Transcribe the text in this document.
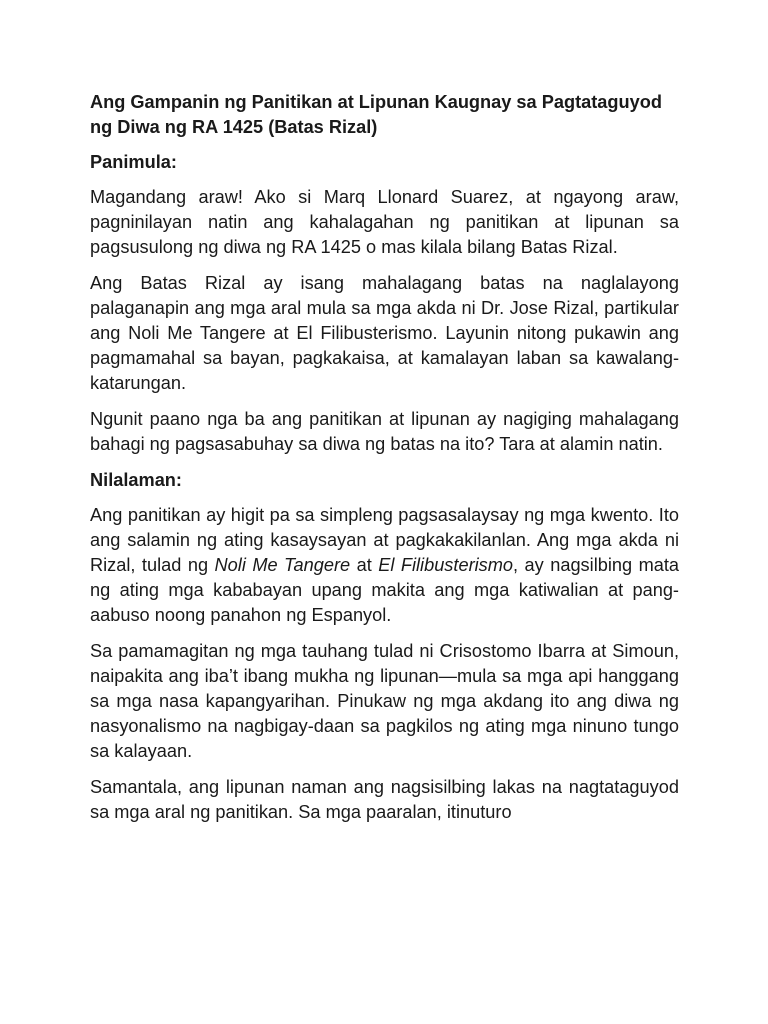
Ang Gampanin ng Panitikan at Lipunan Kaugnay sa Pagtataguyod ng Diwa ng RA 1425 (Batas Rizal)
Panimula:

Magandang araw! Ako si Marq Llonard Suarez, at ngayong araw, pagninilayan natin ang kahalagahan ng panitikan at lipunan sa pagsusulong ng diwa ng RA 1425 o mas kilala bilang Batas Rizal.

Ang Batas Rizal ay isang mahalagang batas na naglalayong palaganapin ang mga aral mula sa mga akda ni Dr. Jose Rizal, partikular ang Noli Me Tangere at El Filibusterismo. Layunin nitong pukawin ang pagmamahal sa bayan, pagkakaisa, at kamalayan laban sa kawalang-katarungan.

Ngunit paano nga ba ang panitikan at lipunan ay nagiging mahalagang bahagi ng pagsasabuhay sa diwa ng batas na ito? Tara at alamin natin.

Nilalaman:

Ang panitikan ay higit pa sa simpleng pagsasalaysay ng mga kwento. Ito ang salamin ng ating kasaysayan at pagkakakilanlan. Ang mga akda ni Rizal, tulad ng Noli Me Tangere at El Filibusterismo, ay nagsilbing mata ng ating mga kababayan upang makita ang mga katiwalian at pang-aabuso noong panahon ng Espanyol.

Sa pamamagitan ng mga tauhang tulad ni Crisostomo Ibarra at Simoun, naipakita ang iba’t ibang mukha ng lipunan—mula sa mga api hanggang sa mga nasa kapangyarihan. Pinukaw ng mga akdang ito ang diwa ng nasyonalismo na nagbigay-daan sa pagkilos ng ating mga ninuno tungo sa kalayaan.

Samantala, ang lipunan naman ang nagsisilbing lakas na nagtataguyod sa mga aral ng panitikan. Sa mga paaralan, itinuturo
